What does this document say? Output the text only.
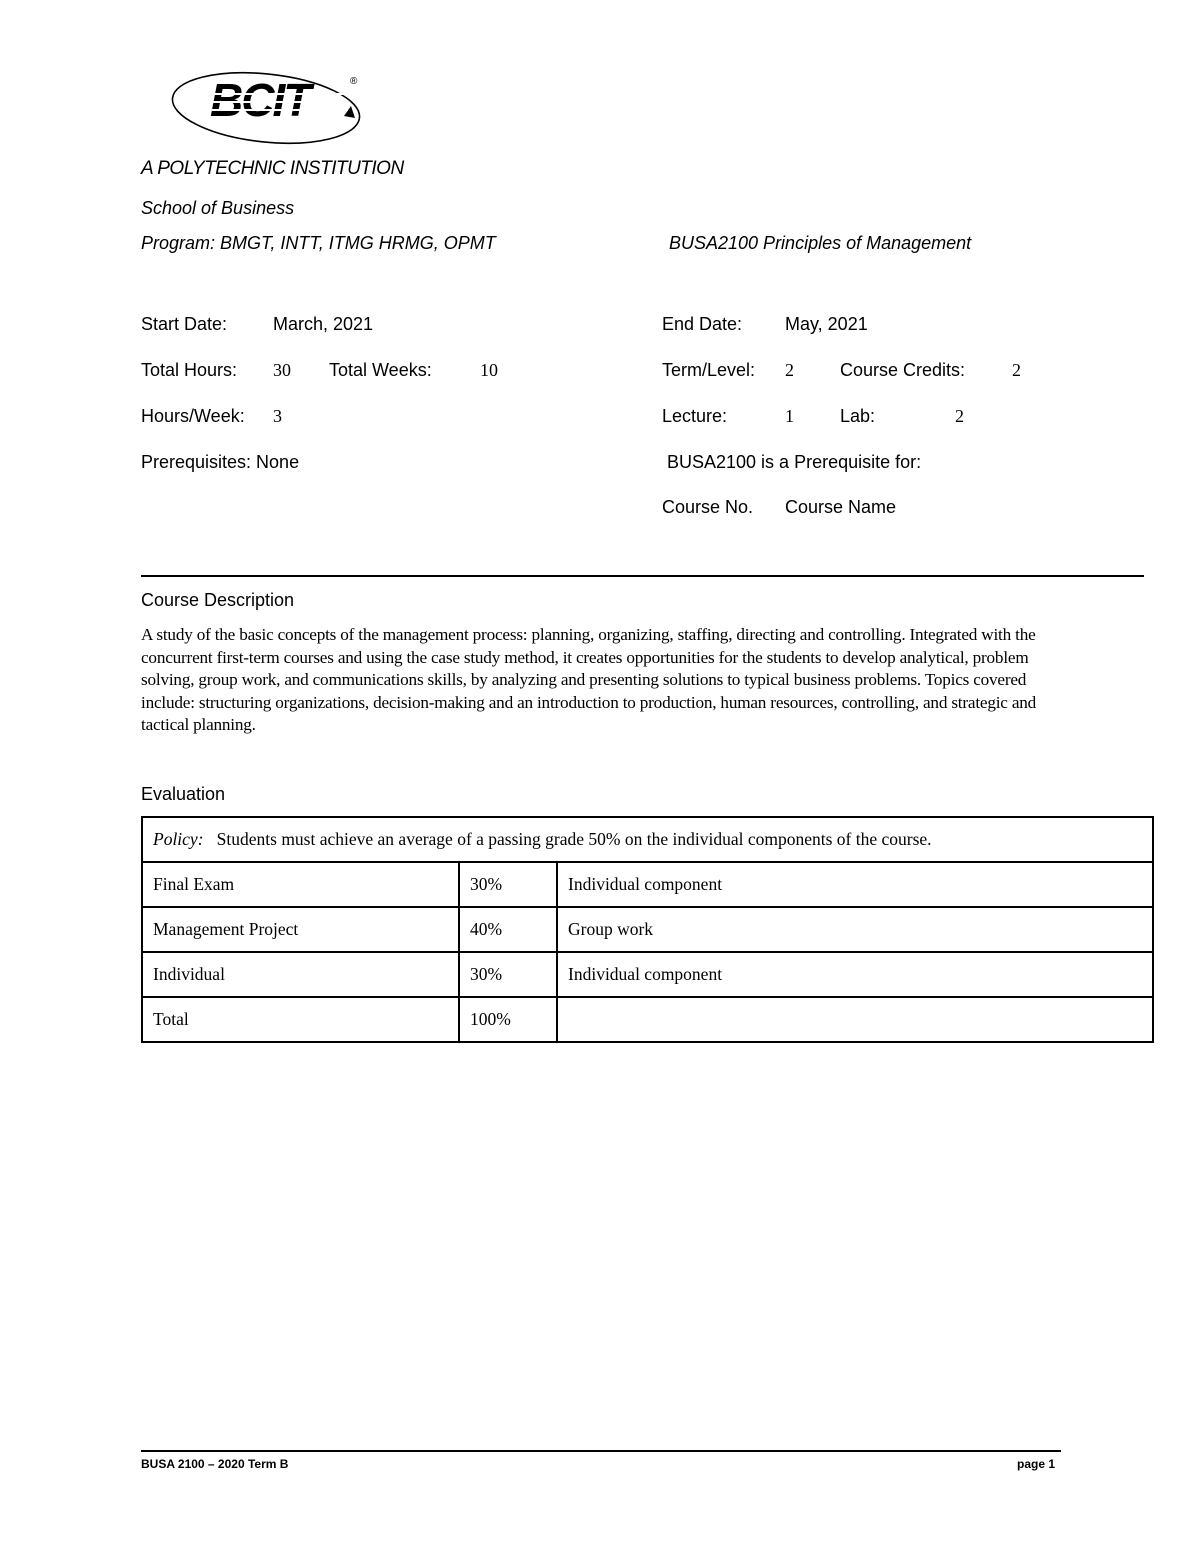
BCIT	®
A POLYTECHNIC INSTITUTION
School of Business
Program: BMGT, INTT, ITMG HRMG, OPMT	BUSA2100 Principles of Management
Start Date:	March, 2021	End Date: May, 2021
Total Hours: 30 Total Weeks:	10	Term/Level: 2	Course Credits:	2
Hours/Week: 3	Lecture:	1	Lab:	2
Prerequisites: None	BUSA2100 is a Prerequisite for:
Course No. Course Name
Course Description
A study of the basic concepts of the management process: planning, organizing, staffing, directing and controlling. Integrated with the concurrent first-term courses and using the case study method, it creates opportunities for the students to develop analytical, problem solving, group work, and communications skills, by analyzing and presenting solutions to typical business problems. Topics covered include: structuring organizations, decision-making and an introduction to production, human resources, controlling, and strategic and tactical planning.
Evaluation
Policy: Students must achieve an average of a passing grade 50% on the individual components of the course.		
Final Exam	30%	Individual component
Management Project	40%	Group work
Individual	30%	Individual component
Total	100%	
BUSA 2100 – 2020 Term B	page 1
